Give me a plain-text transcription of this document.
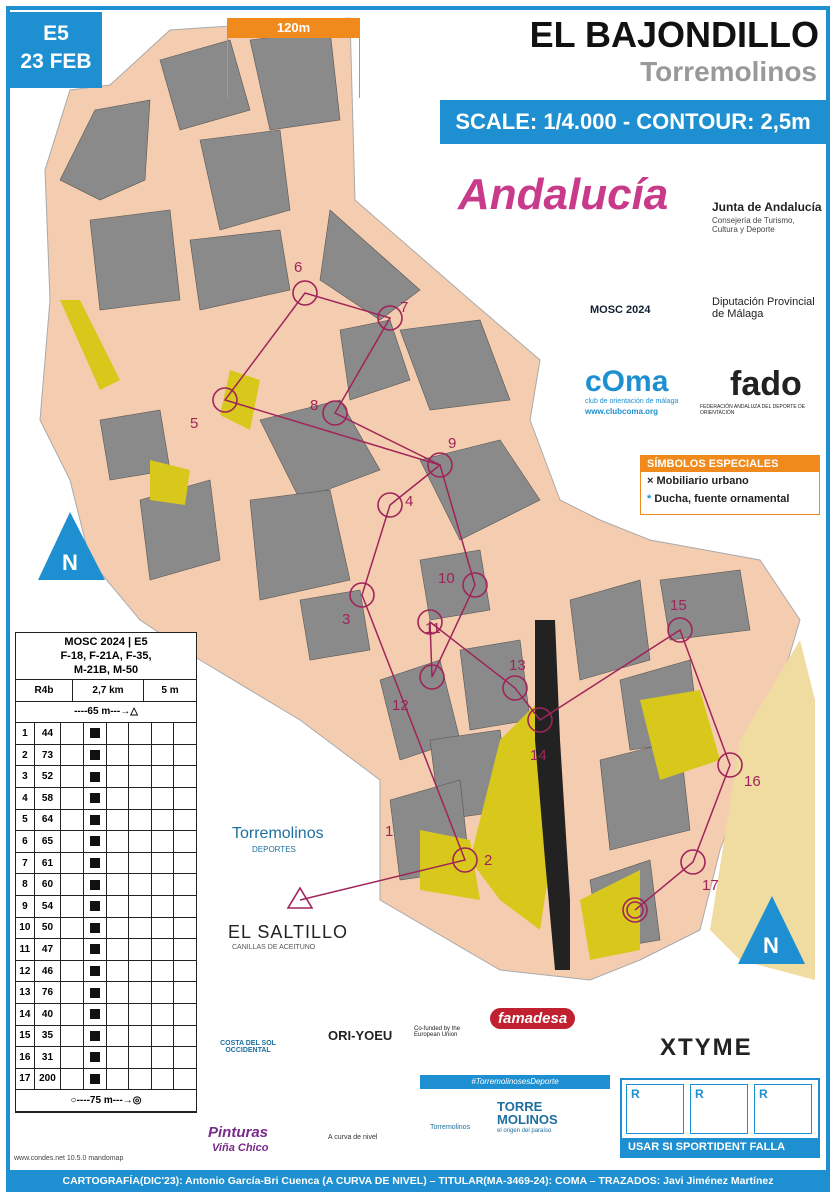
1
2
3
4
5
6
7
8
9
10
11
12
13
14
15
16
17
N
N
E5
23 FEB
120m	EL BAJONDILLO
Torremolinos
SCALE: 1/4.000 - CONTOUR: 2,5m
Andalucía	Junta de Andalucía
Consejería de Turismo, Cultura y Deporte
MOSC 2024
Diputación Provincial de Málaga
cOma
club de orientación de málaga
www.clubcoma.org
fado
FEDERACIÓN ANDALUZA DEL DEPORTE DE ORIENTACIÓN
SÍMBOLOS ESPECIALES
× Mobiliario urbano
* Ducha, fuente ornamental
MOSC 2024 | E5
F-18, F-21A, F-35,
M-21B, M-50
R4b	2,7 km	5 m
---- 65 m ---→△
1	44
2	73
3	52
4	58
5	64
6	65
7	61
8	60
9	54
10	50
11	47
12	46
13	76
14	40
15	35
16	31
17 200
○---- 75 m ---→◎
Torremolinos
DEPORTES
EL SALTILLO
CANILLAS DE ACEITUNO
COSTA DEL SOL OCCIDENTAL
ORI-YOEU	Co-funded by the European Union
famadesa
XTYME
Pinturas
Viña Chico
A curva de nivel
#TorremolinosesDeporte
Torremolinos
TORRE MOLINOS
el origen del paraíso
R	R	R
USAR SI SPORTIDENT FALLA
www.condes.net 10.5.0 mandomap
CARTOGRAFÍA(DIC'23): Antonio García-Bri Cuenca (A CURVA DE NIVEL) – TITULAR(MA-3469-24): COMA – TRAZADOS: Javi Jiménez Martínez
